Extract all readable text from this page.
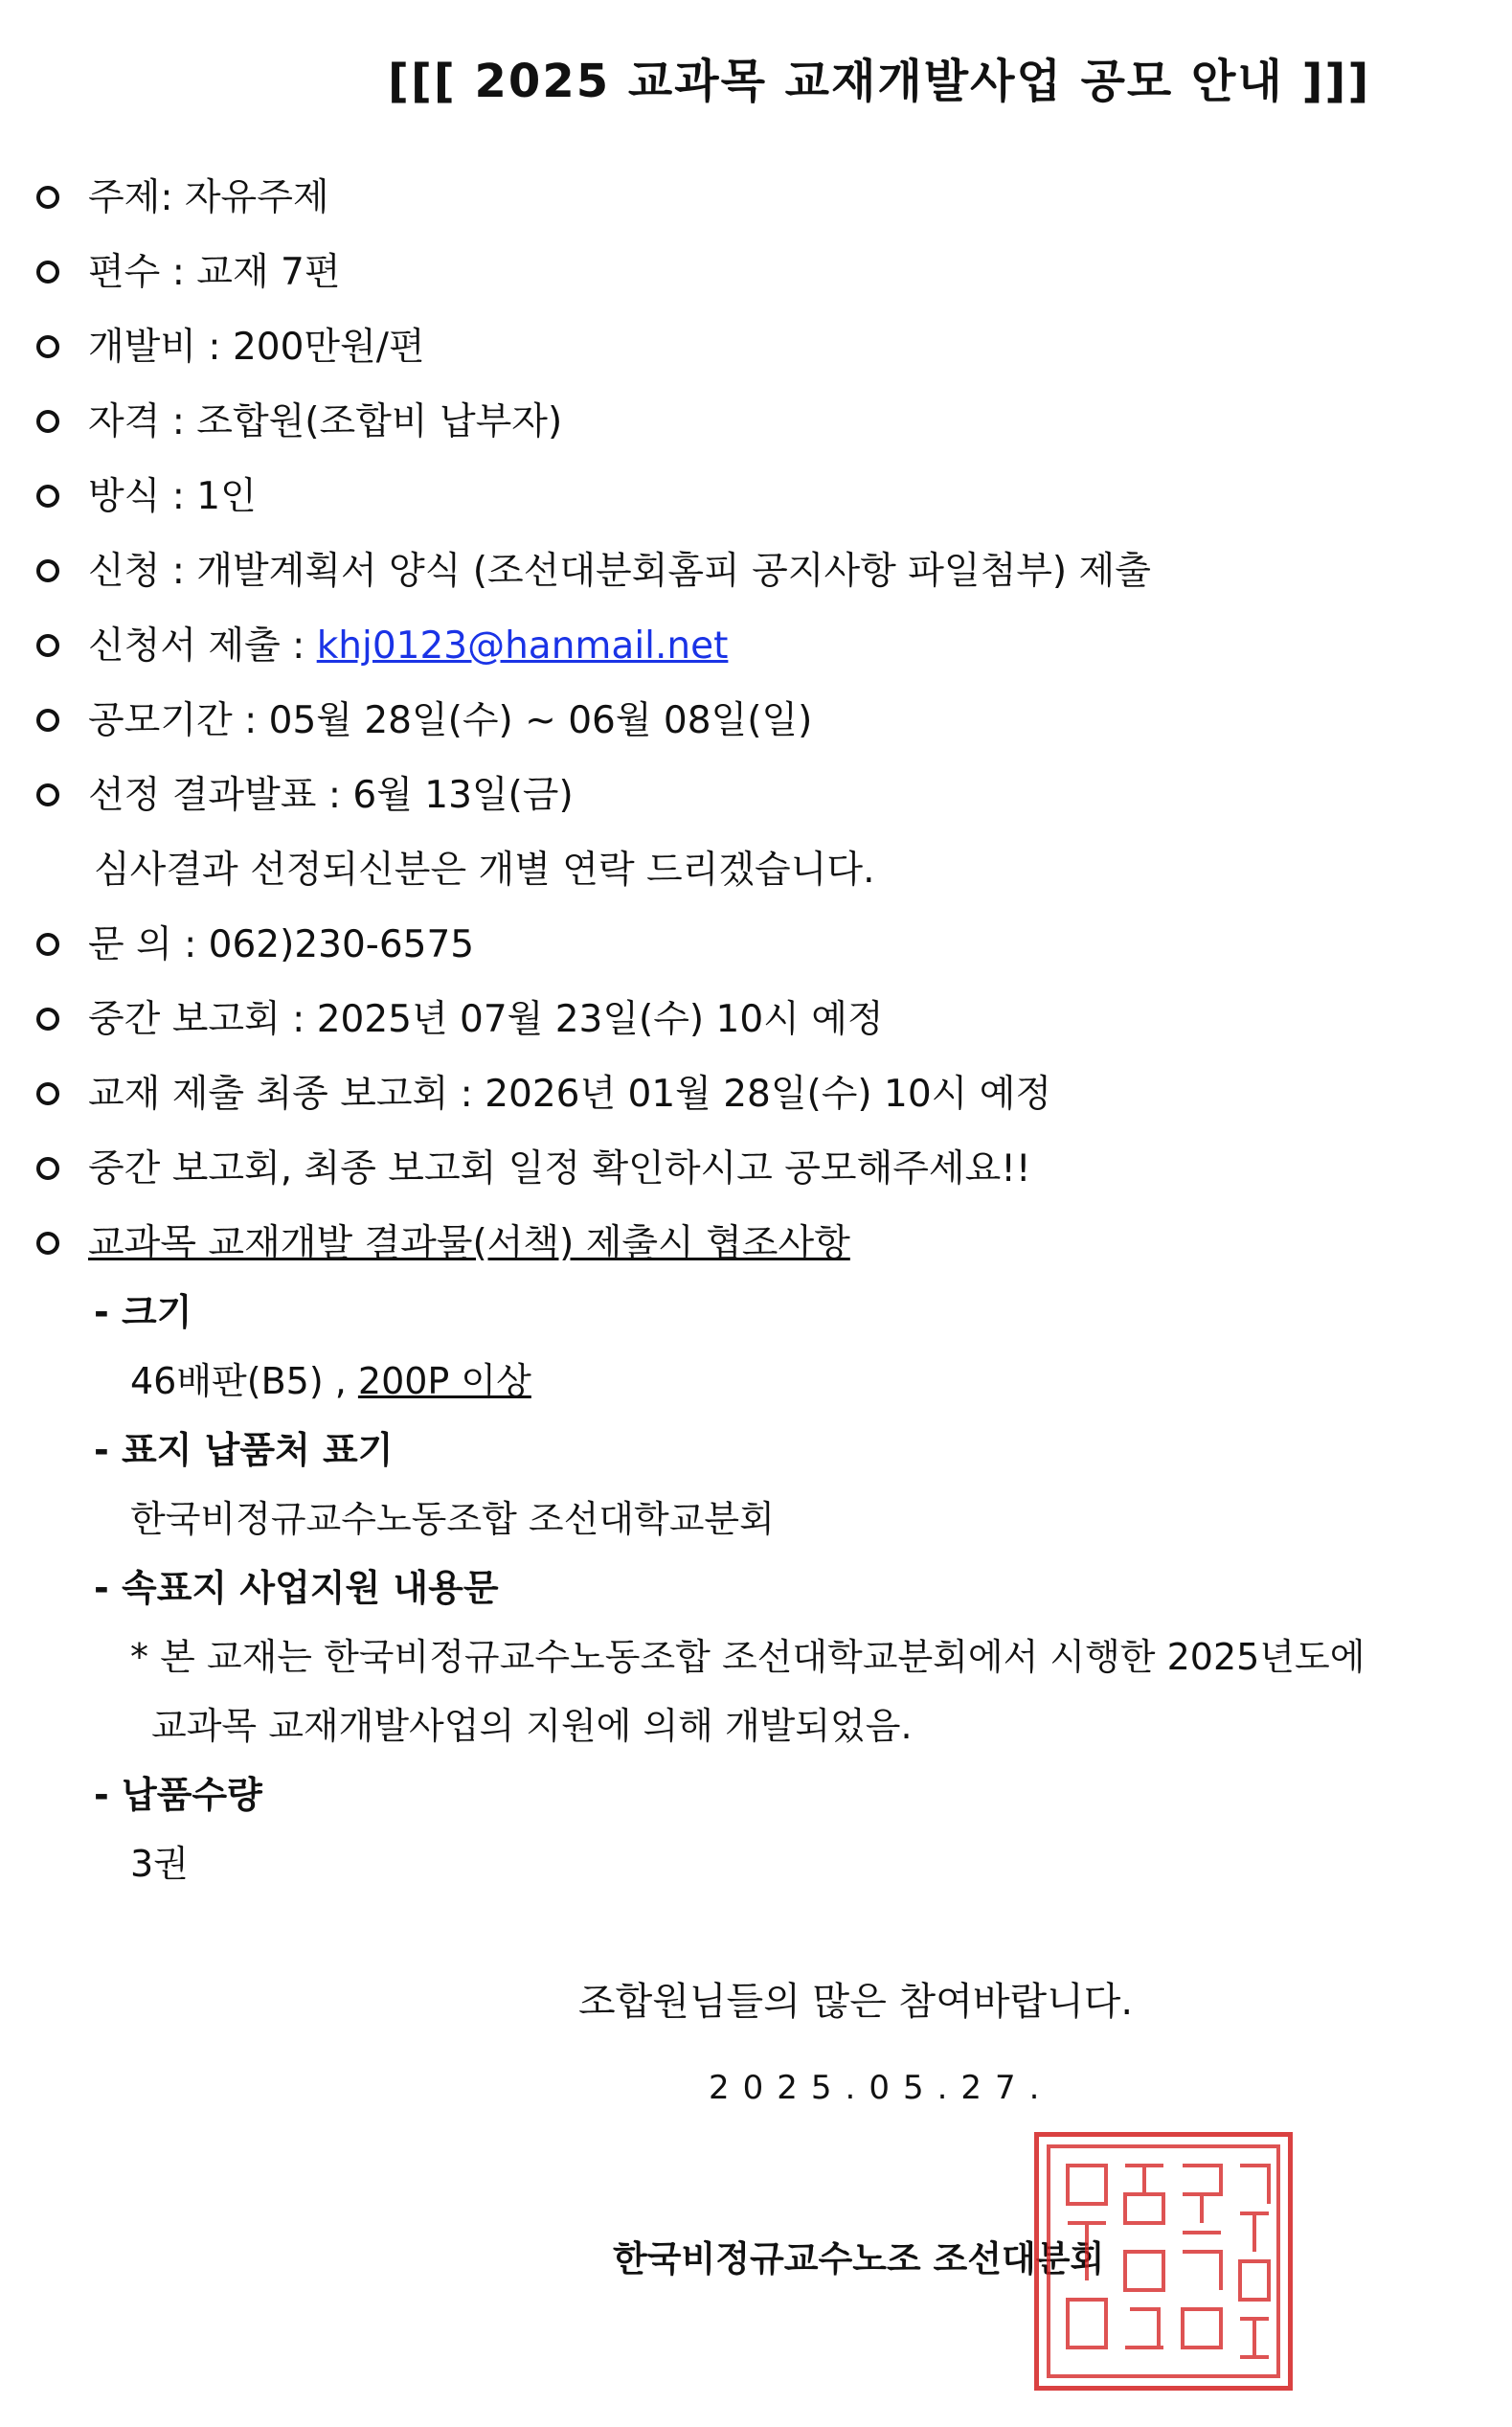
[[[ 2025 교과목 교재개발사업 공모 안내 ]]]
주제: 자유주제
편수 : 교재 7편
개발비 : 200만원/편
자격 : 조합원(조합비 납부자)
방식 : 1인
신청 : 개발계획서 양식 (조선대분회홈피 공지사항 파일첨부) 제출
신청서 제출 : khj0123@hanmail.net
공모기간 : 05월 28일(수) ~ 06월 08일(일)
선정 결과발표 : 6월 13일(금)
심사결과 선정되신분은 개별 연락 드리겠습니다.
문 의 : 062)230-6575
중간 보고회 : 2025년 07월 23일(수) 10시 예정
교재 제출 최종 보고회 : 2026년 01월 28일(수) 10시 예정
중간 보고회, 최종 보고회 일정 확인하시고 공모해주세요!!
교과목 교재개발 결과물(서책) 제출시 협조사항
- 크기
46배판(B5) , 200P 이상
- 표지 납품처 표기
한국비정규교수노동조합 조선대학교분회
- 속표지 사업지원 내용문
* 본 교재는 한국비정규교수노동조합 조선대학교분회에서 시행한 2025년도에
교과목 교재개발사업의 지원에 의해 개발되었음.
- 납품수량
3권
조합원님들의 많은 참여바랍니다.
2025.05.27.
한국비정규교수노조 조선대분회
